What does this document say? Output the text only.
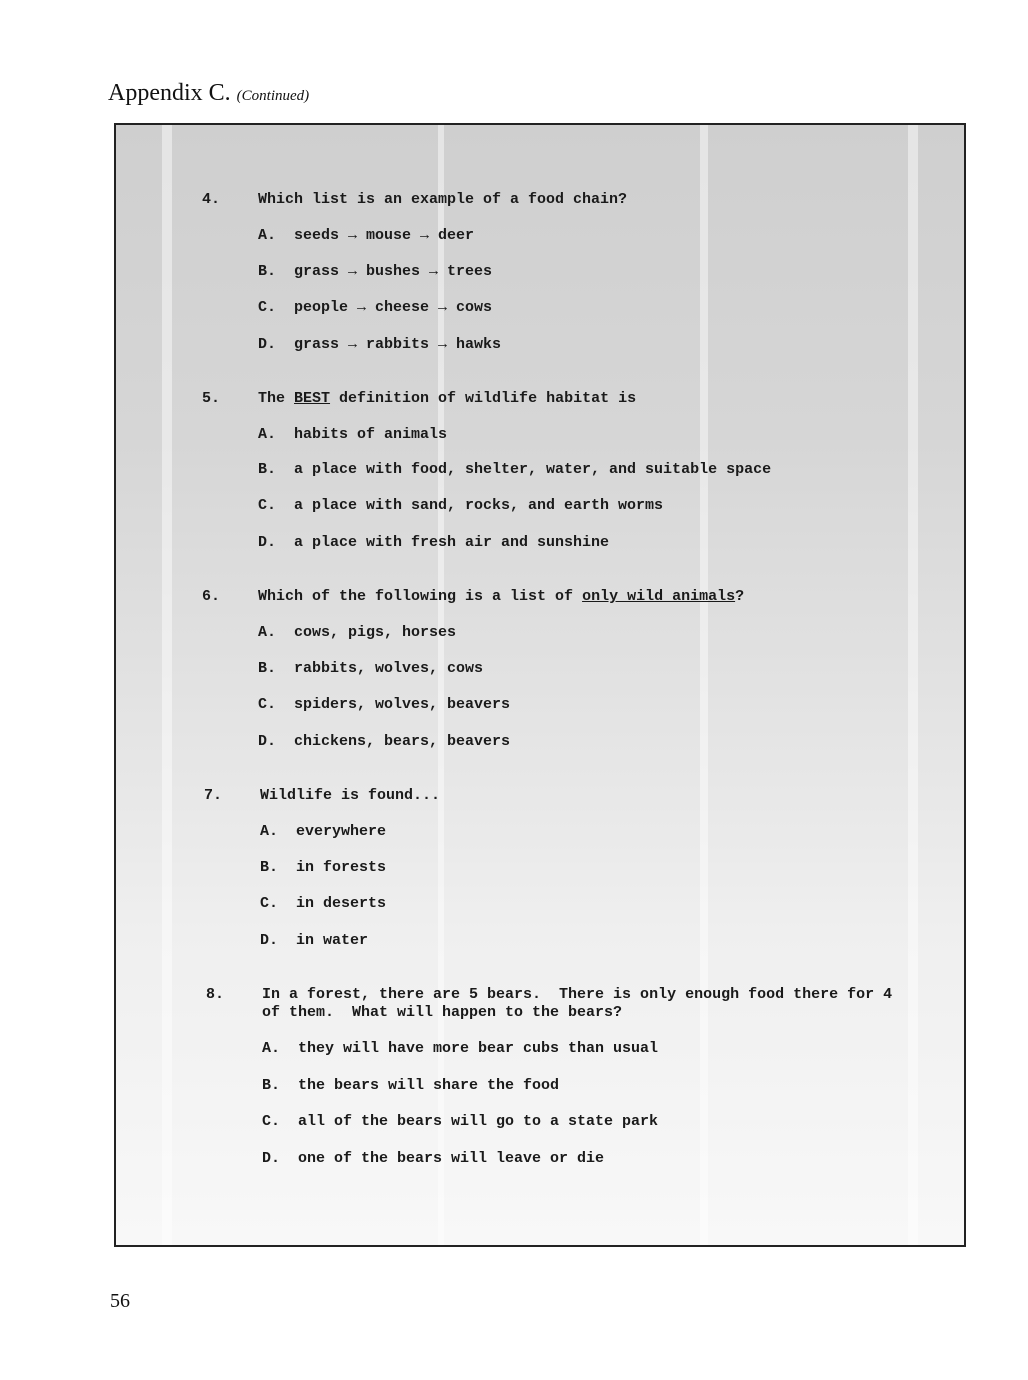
Appendix C. (Continued)
4.	Which list is an example of a food chain?
A. seeds → mouse → deer
B. grass → bushes → trees
C. people → cheese → cows
D. grass → rabbits → hawks
5.	The BEST definition of wildlife habitat is
A. habits of animals
B. a place with food, shelter, water, and suitable space
C. a place with sand, rocks, and earth worms
D. a place with fresh air and sunshine
6.	Which of the following is a list of only wild animals?
A. cows, pigs, horses
B. rabbits, wolves, cows
C. spiders, wolves, beavers
D. chickens, bears, beavers
7.	Wildlife is found...
A. everywhere
B. in forests
C. in deserts
D. in water
8.	In a forest, there are 5 bears.  There is only enough food there for 4
of them.  What will happen to the bears?
A. they will have more bear cubs than usual
B. the bears will share the food
C. all of the bears will go to a state park
D. one of the bears will leave or die
56
